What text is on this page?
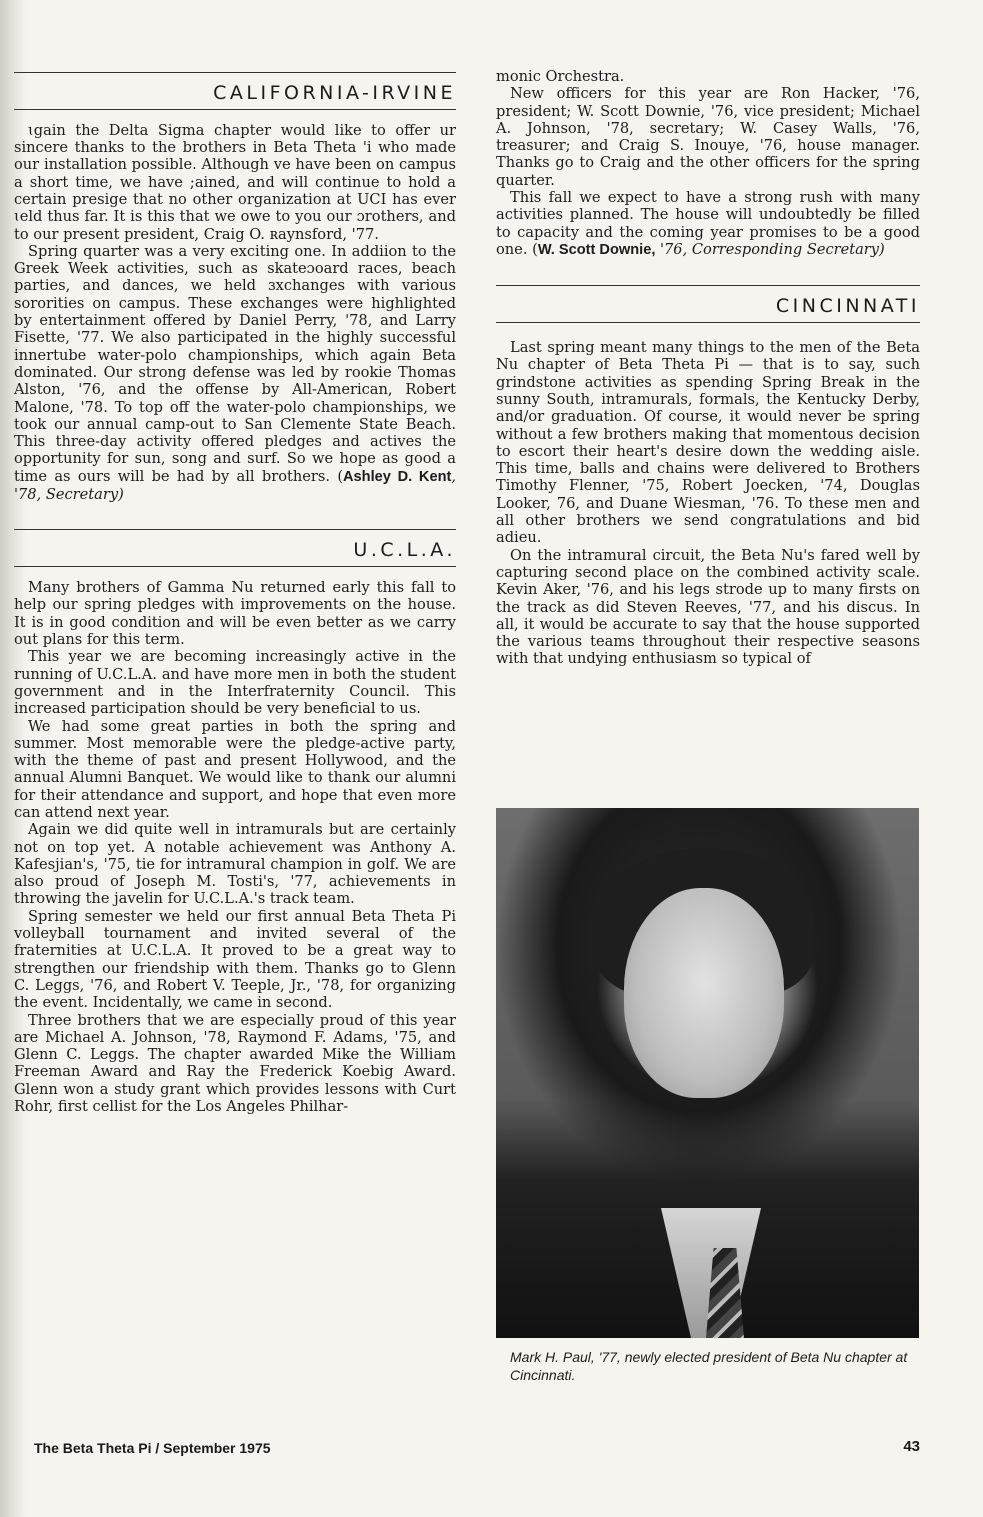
CALIFORNIA-IRVINE

ɩgain the Delta Sigma chapter would like to offer ur sincere thanks to the brothers in Beta Theta 'i who made our installation possible. Although ve have been on campus a short time, we have ;ained, and will continue to hold a certain presige that no other organization at UCI has ever ɩeld thus far. It is this that we owe to you our ɔrothers, and to our present president, Craig O. ʀaynsford, '77.

Spring quarter was a very exciting one. In addiion to the Greek Week activities, such as skateɔoard races, beach parties, and dances, we held ɜxchanges with various sororities on campus. These exchanges were highlighted by entertainment offered by Daniel Perry, '78, and Larry Fisette, '77. We also participated in the highly successful innertube water-polo championships, which again Beta dominated. Our strong defense was led by rookie Thomas Alston, '76, and the offense by All-American, Robert Malone, '78. To top off the water-polo championships, we took our annual camp-out to San Clemente State Beach. This three-day activity offered pledges and actives the opportunity for sun, song and surf. So we hope as good a time as ours will be had by all brothers. (Ashley D. Kent, '78, Secretary)

U.C.L.A.

Many brothers of Gamma Nu returned early this fall to help our spring pledges with improvements on the house. It is in good condition and will be even better as we carry out plans for this term.

This year we are becoming increasingly active in the running of U.C.L.A. and have more men in both the student government and in the Interfraternity Council. This increased participation should be very beneficial to us.

We had some great parties in both the spring and summer. Most memorable were the pledge-active party, with the theme of past and present Hollywood, and the annual Alumni Banquet. We would like to thank our alumni for their attendance and support, and hope that even more can attend next year.

Again we did quite well in intramurals but are certainly not on top yet. A notable achievement was Anthony A. Kafesjian's, '75, tie for intramural champion in golf. We are also proud of Joseph M. Tosti's, '77, achievements in throwing the javelin for U.C.L.A.'s track team.

Spring semester we held our first annual Beta Theta Pi volleyball tournament and invited several of the fraternities at U.C.L.A. It proved to be a great way to strengthen our friendship with them. Thanks go to Glenn C. Leggs, '76, and Robert V. Teeple, Jr., '78, for organizing the event. Incidentally, we came in second.

Three brothers that we are especially proud of this year are Michael A. Johnson, '78, Raymond F. Adams, '75, and Glenn C. Leggs. The chapter awarded Mike the William Freeman Award and Ray the Frederick Koebig Award. Glenn won a study grant which provides lessons with Curt Rohr, first cellist for the Los Angeles Philhar-

monic Orchestra.

New officers for this year are Ron Hacker, '76, president; W. Scott Downie, '76, vice president; Michael A. Johnson, '78, secretary; W. Casey Walls, '76, treasurer; and Craig S. Inouye, '76, house manager. Thanks go to Craig and the other officers for the spring quarter.

This fall we expect to have a strong rush with many activities planned. The house will undoubtedly be filled to capacity and the coming year promises to be a good one. (W. Scott Downie, '76, Corresponding Secretary)

CINCINNATI

Last spring meant many things to the men of the Beta Nu chapter of Beta Theta Pi — that is to say, such grindstone activities as spending Spring Break in the sunny South, intramurals, formals, the Kentucky Derby, and/or graduation. Of course, it would never be spring without a few brothers making that momentous decision to escort their heart's desire down the wedding aisle. This time, balls and chains were delivered to Brothers Timothy Flenner, '75, Robert Joecken, '74, Douglas Looker, 76, and Duane Wiesman, '76. To these men and all other brothers we send congratulations and bid adieu.

On the intramural circuit, the Beta Nu's fared well by capturing second place on the combined activity scale. Kevin Aker, '76, and his legs strode up to many firsts on the track as did Steven Reeves, '77, and his discus. In all, it would be accurate to say that the house supported the various teams throughout their respective seasons with that undying enthusiasm so typical of

Mark H. Paul, '77, newly elected president of Beta Nu chapter at Cincinnati.
The Beta Theta Pi / September 1975	43
